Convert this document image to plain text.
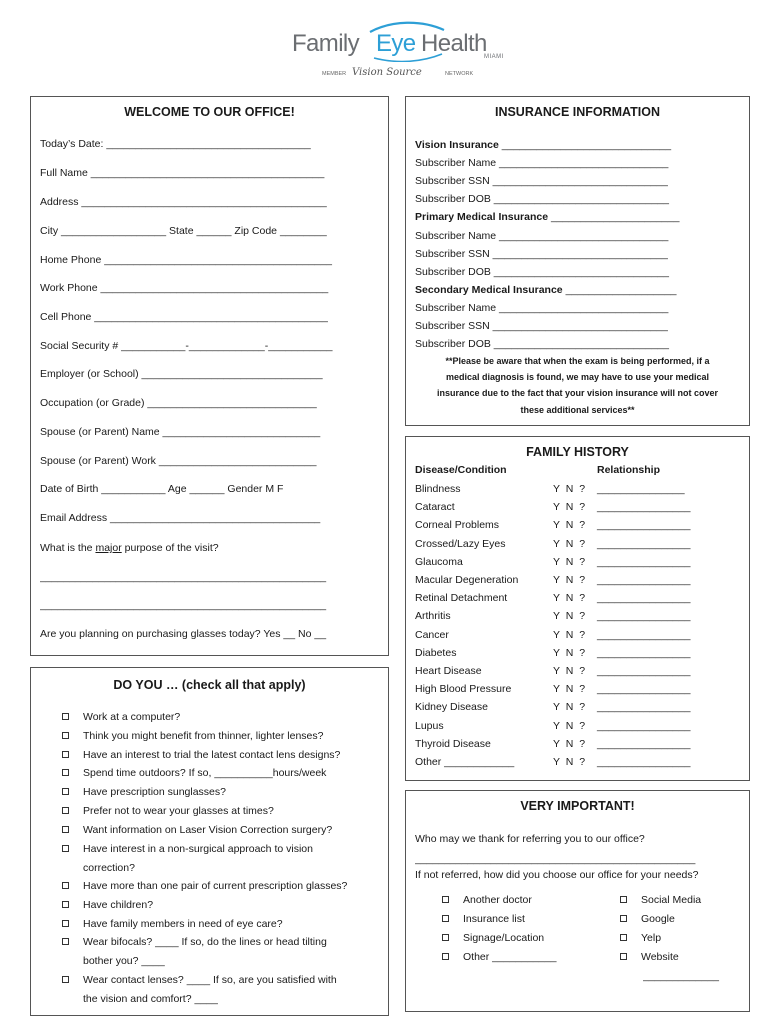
Family Eye Health
MIAMI
MEMBER Vision Source	NETWORK
WELCOME TO OUR OFFICE!
Today’s Date: ___________________________________
Full Name ________________________________________
Address __________________________________________
City __________________ State ______ Zip Code ________
Home Phone _______________________________________
Work Phone _______________________________________
Cell Phone ________________________________________
Social Security # ___________-_____________-___________
Employer (or School) _______________________________
Occupation (or Grade) _____________________________
Spouse (or Parent) Name ___________________________
Spouse (or Parent) Work ___________________________
Date of Birth ___________ Age ______ Gender M F
Email Address ____________________________________
_________________________________________________
_________________________________________________
Are you planning on purchasing glasses today? Yes __ No __
What is the major purpose of the visit?
DO YOU … (check all that apply)
Work at a computer?
Think you might benefit from thinner, lighter lenses?
Have an interest to trial the latest contact lens designs?
Spend time outdoors? If so, __________hours/week
Have prescription sunglasses?
Prefer not to wear your glasses at times?
Want information on Laser Vision Correction surgery?
Have interest in a non-surgical approach to vision
correction?
Have more than one pair of current prescription glasses?
Have children?
Have family members in need of eye care?
Wear bifocals? ____ If so, do the lines or head tilting
bother you? ____
Wear contact lenses? ____ If so, are you satisfied with
the vision and comfort? ____
INSURANCE INFORMATION
Vision Insurance _____________________________
Subscriber Name _____________________________
Subscriber SSN ______________________________
Subscriber DOB ______________________________
Primary Medical Insurance ______________________
Subscriber Name _____________________________
Subscriber SSN ______________________________
Subscriber DOB ______________________________
Secondary Medical Insurance ___________________
Subscriber Name _____________________________
Subscriber SSN ______________________________
Subscriber DOB ______________________________
**Please be aware that when the exam is being performed, if a
medical diagnosis is found, we may have to use your medical
insurance due to the fact that your vision insurance will not cover
these additional services**
FAMILY HISTORY
Disease/Condition	Relationship
Blindness	Y N ? _______________
Cataract	Y N ? ________________
Corneal Problems	Y N ? ________________
Crossed/Lazy Eyes	Y N ? ________________
Glaucoma	Y N ? ________________
Macular Degeneration	Y N ? ________________
Retinal Detachment	Y N ? ________________
Arthritis	Y N ? ________________
Cancer	Y N ? ________________
Diabetes	Y N ? ________________
Heart Disease	Y N ? ________________
High Blood Pressure	Y N ? ________________
Kidney Disease	Y N ? ________________
Lupus	Y N ? ________________
Thyroid Disease	Y N ? ________________
Other ____________	Y N ? ________________
VERY IMPORTANT!
Who may we thank for referring you to our office?
________________________________________________
If not referred, how did you choose our office for your needs?
Another doctor
Insurance list
Signage/Location
Other ___________
Social Media
Google
Yelp
Website
_____________
